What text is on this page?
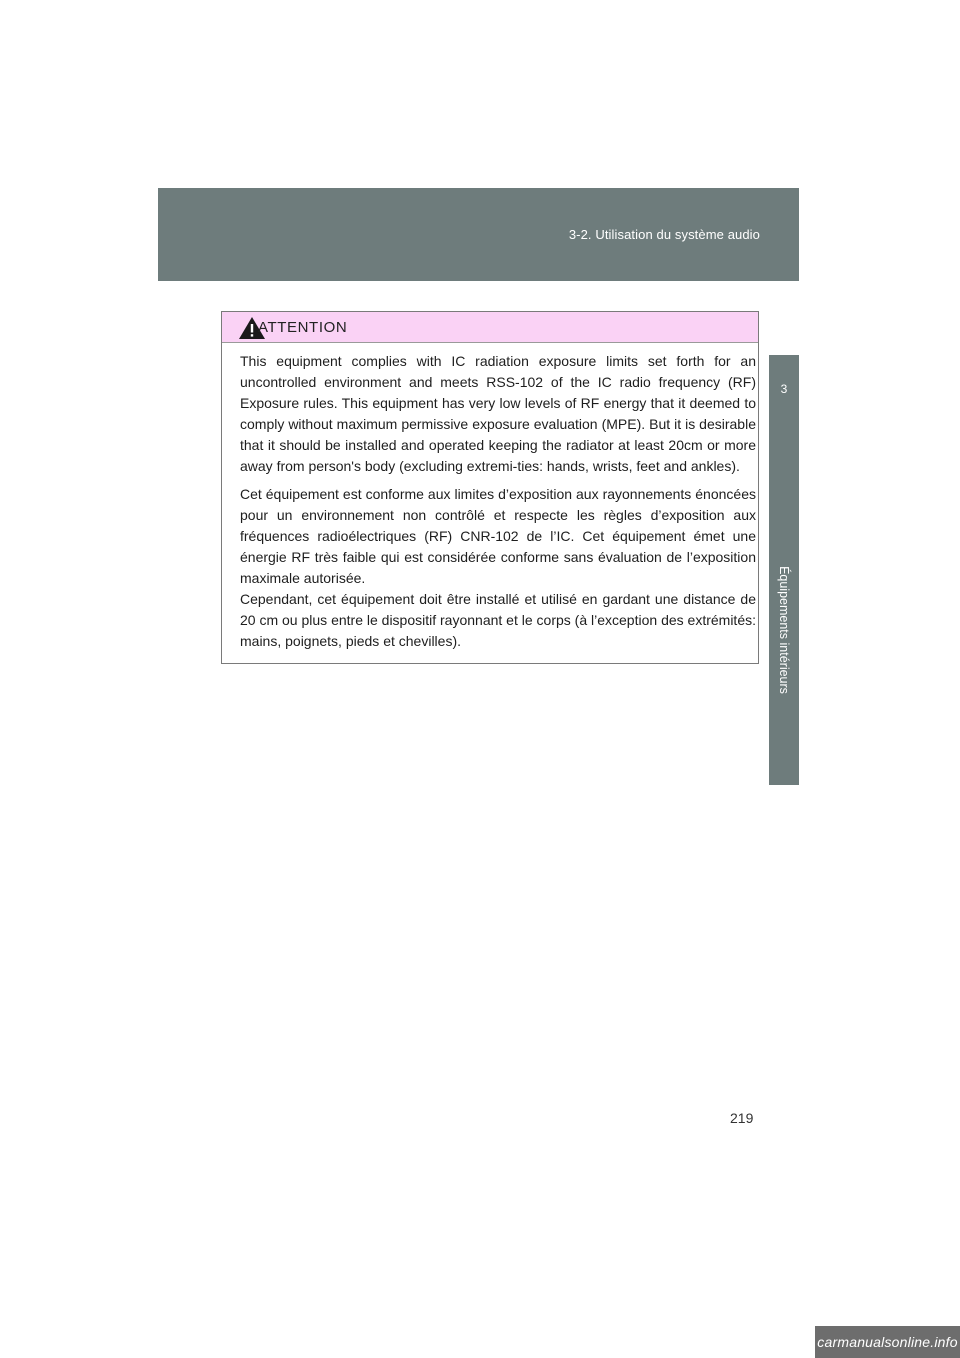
3-2. Utilisation du système audio
3
Équipements intérieurs
ATTENTION

This equipment complies with IC radiation exposure limits set forth for an uncontrolled environment and meets RSS-102 of the IC radio frequency (RF) Exposure rules. This equipment has very low levels of RF energy that it deemed to comply without maximum permissive exposure evaluation (MPE). But it is desirable that it should be installed and operated keeping the radiator at least 20cm or more away from person's body (excluding extremi-ties: hands, wrists, feet and ankles).

Cet équipement est conforme aux limites d’exposition aux rayonnements énoncées pour un environnement non contrôlé et respecte les règles d’exposition aux fréquences radioélectriques (RF) CNR-102 de l’IC. Cet équipement émet une énergie RF très faible qui est considérée conforme sans évaluation de l’exposition maximale autorisée.

Cependant, cet équipement doit être installé et utilisé en gardant une distance de 20 cm ou plus entre le dispositif rayonnant et le corps (à l’exception des extrémités: mains, poignets, pieds et chevilles).

219
carmanualsonline.info
